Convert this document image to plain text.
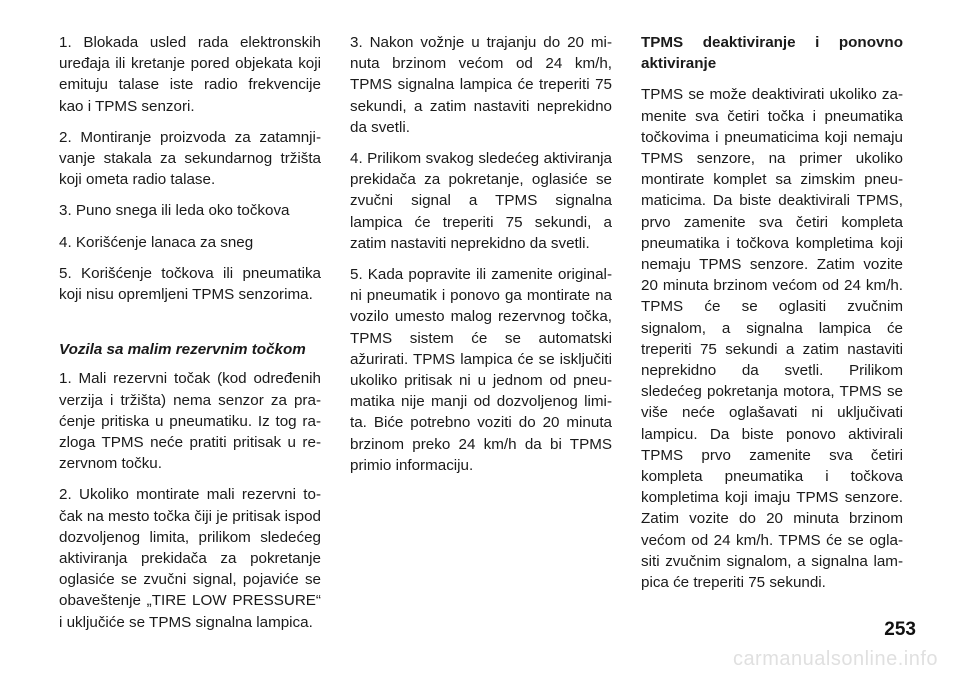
1. Blokada usled rada elektronskih uređaja ili kretanje pored objekata koji emituju talase iste radio frekvencije kao i TPMS senzori.

2. Montiranje proizvoda za zatamnjivanje stakala za sekundarnog tržišta koji ometa radio talase.

3. Puno snega ili leda oko točkova

4. Korišćenje lanaca za sneg

5. Korišćenje točkova ili pneumatika koji nisu opremljeni TPMS senzorima.

Vozila sa malim rezervnim točkom

1. Mali rezervni točak (kod određenih verzija i tržišta) nema senzor za praćenje pritiska u pneumatiku. Iz tog razloga TPMS neće pratiti pritisak u rezervnom točku.

2. Ukoliko montirate mali rezervni točak na mesto točka čiji je pritisak ispod dozvoljenog limita, prilikom sledećeg aktiviranja prekidača za pokretanje oglasiće se zvučni signal, pojaviće se obaveštenje „TIRE LOW PRESSURE“ i uključiće se TPMS signalna lampica.

3. Nakon vožnje u trajanju do 20 minuta brzinom većom od 24 km/h, TPMS signalna lampica će treperiti 75 sekundi, a zatim nastaviti neprekidno da svetli.

4. Prilikom svakog sledećeg aktiviranja prekidača za pokretanje, oglasiće se zvučni signal a TPMS signalna lampica će treperiti 75 sekundi, a zatim nastaviti neprekidno da svetli.

5. Kada popravite ili zamenite originalni pneumatik i ponovo ga montirate na vozilo umesto malog rezervnog točka, TPMS sistem će se automatski ažurirati. TPMS lampica će se isključiti ukoliko pritisak ni u jednom od pneumatika nije manji od dozvoljenog limita. Biće potrebno voziti do 20 minuta brzinom preko 24 km/h da bi TPMS primio informaciju.

TPMS deaktiviranje i ponovno
aktiviranje

TPMS se može deaktivirati ukoliko zamenite sva četiri točka i pneumatika točkovima i pneumaticima koji nemaju TPMS senzore, na primer ukoliko montirate komplet sa zimskim pneumaticima. Da biste deaktivirali TPMS, prvo zamenite sva četiri kompleta pneumatika i točkova kompletima koji nemaju TPMS senzore. Zatim vozite 20 minuta brzinom većom od 24 km/h. TPMS će se oglasiti zvučnim signalom, a signalna lampica će treperiti 75 sekundi a zatim nastaviti neprekidno da svetli. Prilikom sledećeg pokretanja motora, TPMS se više neće oglašavati ni uključivati lampicu. Da biste ponovo aktivirali TPMS prvo zamenite sva četiri kompleta pneumatika i točkova kompletima koji imaju TPMS senzore. Zatim vozite do 20 minuta brzinom većom od 24 km/h. TPMS će se oglasiti zvučnim signalom, a signalna lampica će treperiti 75 sekundi.

253
carmanualsonline.info
